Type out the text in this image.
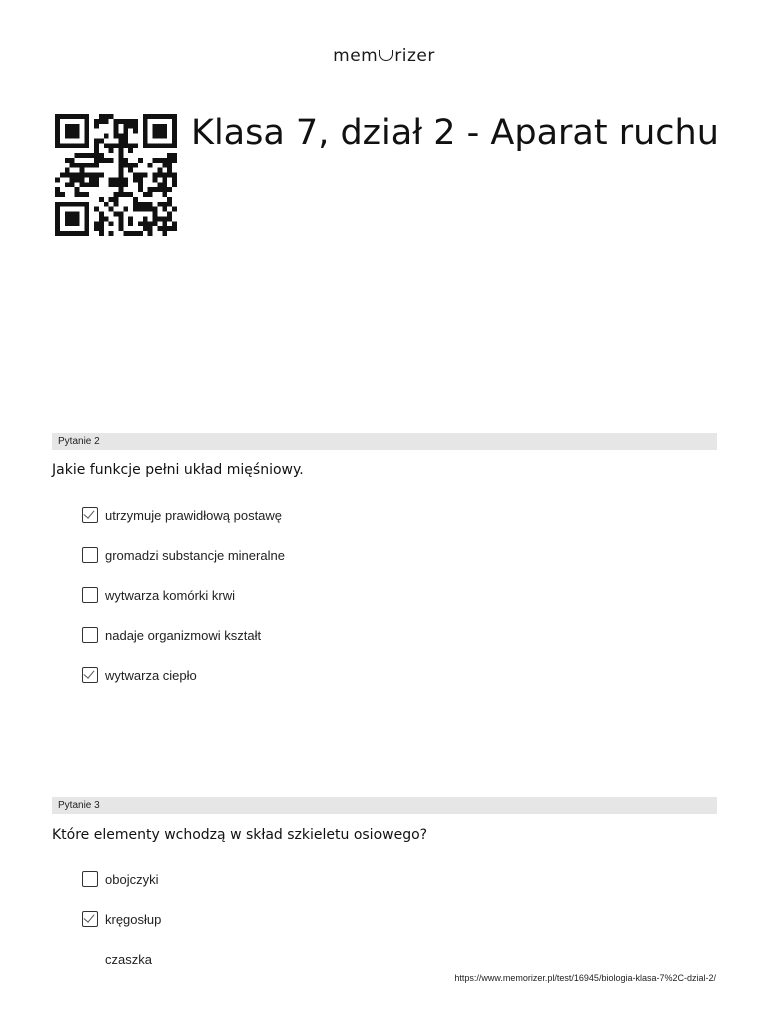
mem rizer
Klasa 7, dział 2 - Aparat ruchu
Pytanie 2
Jakie funkcje pełni układ mięśniowy.
utrzymuje prawidłową postawę
gromadzi substancje mineralne
wytwarza komórki krwi
nadaje organizmowi kształt
wytwarza ciepło
Pytanie 3
Które elementy wchodzą w skład szkieletu osiowego?
obojczyki
kręgosłup
czaszka
https://www.memorizer.pl/test/16945/biologia-klasa-7%2C-dzial-2/
